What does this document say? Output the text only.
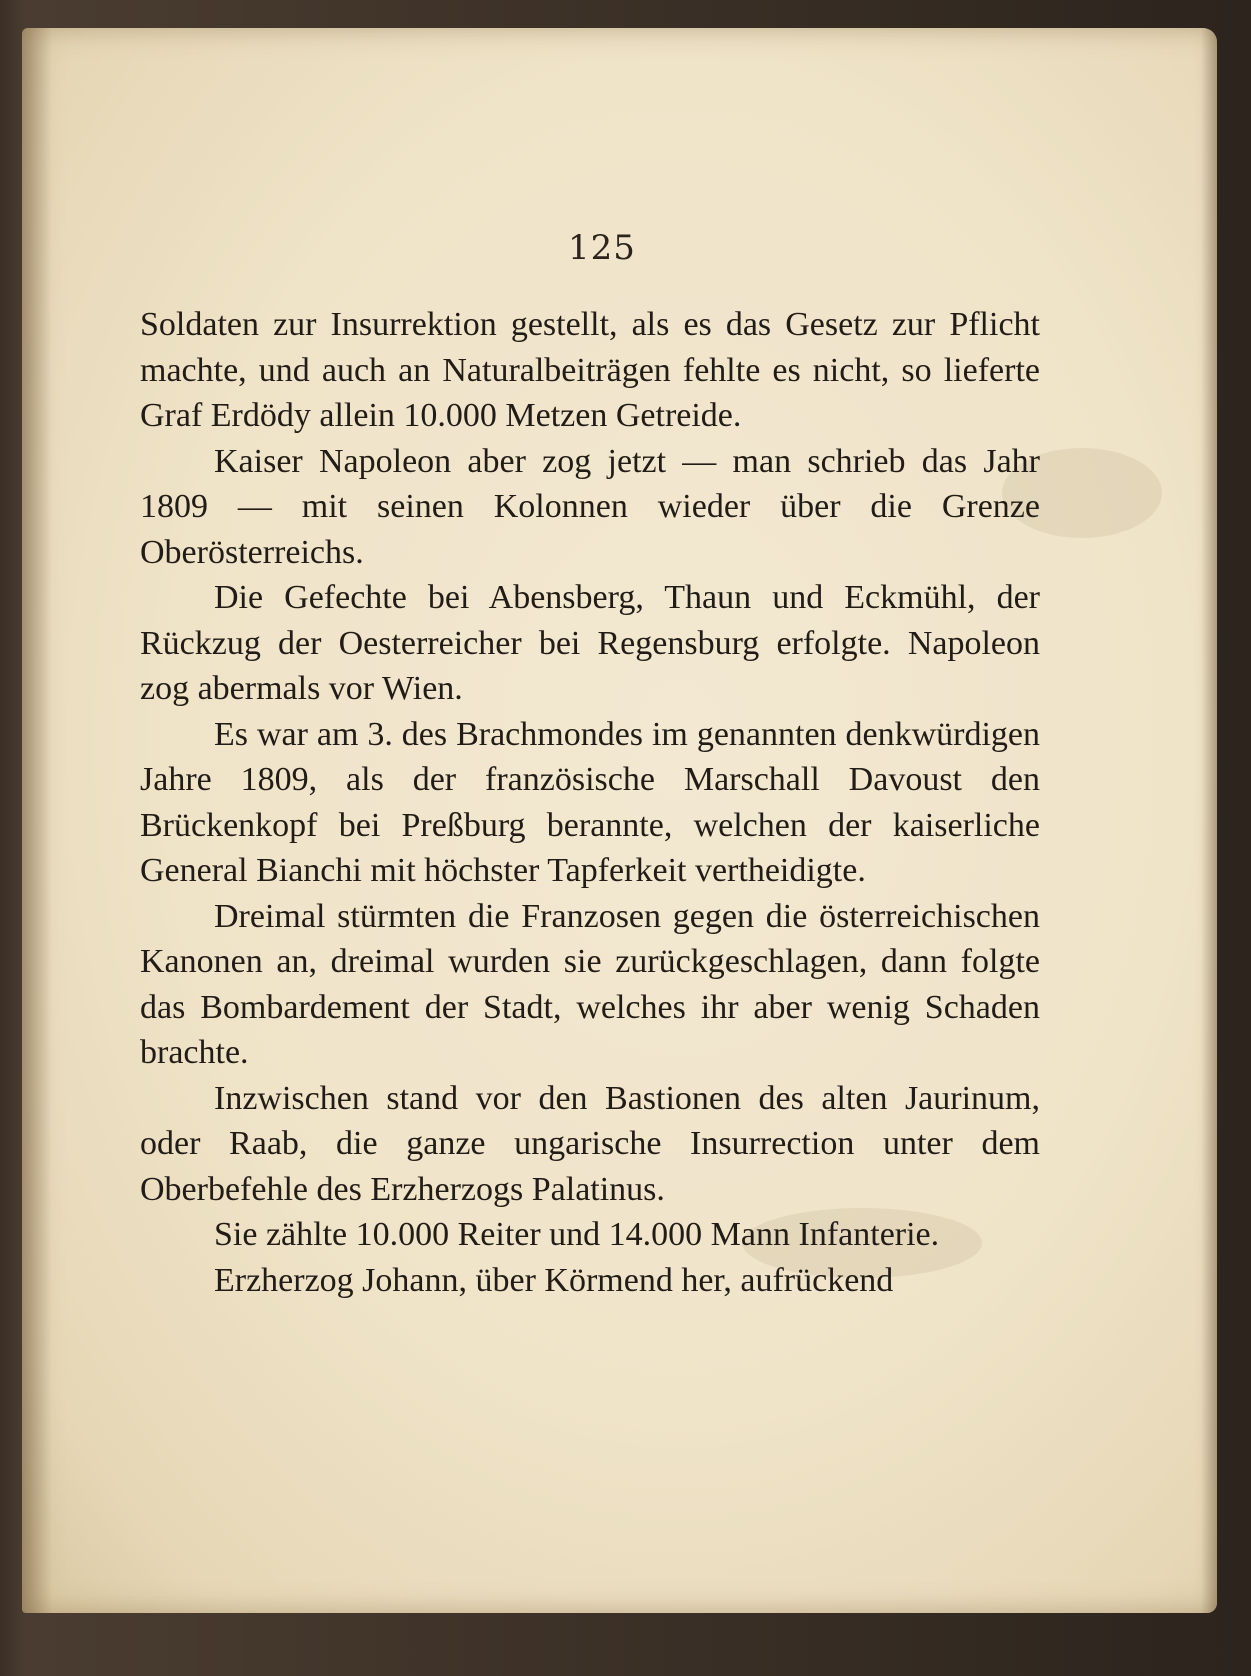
125

Soldaten zur Insurrektion gestellt, als es das Gesetz zur Pflicht machte, und auch an Naturalbeiträgen fehlte es nicht, so lieferte Graf Erdödy allein 10.000 Metzen Getreide.

Kaiser Napoleon aber zog jetzt — man schrieb das Jahr 1809 — mit seinen Kolonnen wieder über die Grenze Oberösterreichs.

Die Gefechte bei Abensberg, Thaun und Eckmühl, der Rückzug der Oesterreicher bei Regensburg erfolgte. Napoleon zog abermals vor Wien.

Es war am 3. des Brachmondes im genannten denkwürdigen Jahre 1809, als der französische Marschall Davoust den Brückenkopf bei Preßburg berannte, welchen der kaiserliche General Bianchi mit höchster Tapferkeit vertheidigte.

Dreimal stürmten die Franzosen gegen die österreichischen Kanonen an, dreimal wurden sie zurückgeschlagen, dann folgte das Bombardement der Stadt, welches ihr aber wenig Schaden brachte.

Inzwischen stand vor den Bastionen des alten Jaurinum, oder Raab, die ganze ungarische Insurrection unter dem Oberbefehle des Erzherzogs Palatinus.

Sie zählte 10.000 Reiter und 14.000 Mann Infanterie.

Erzherzog Johann, über Körmend her, aufrückend
